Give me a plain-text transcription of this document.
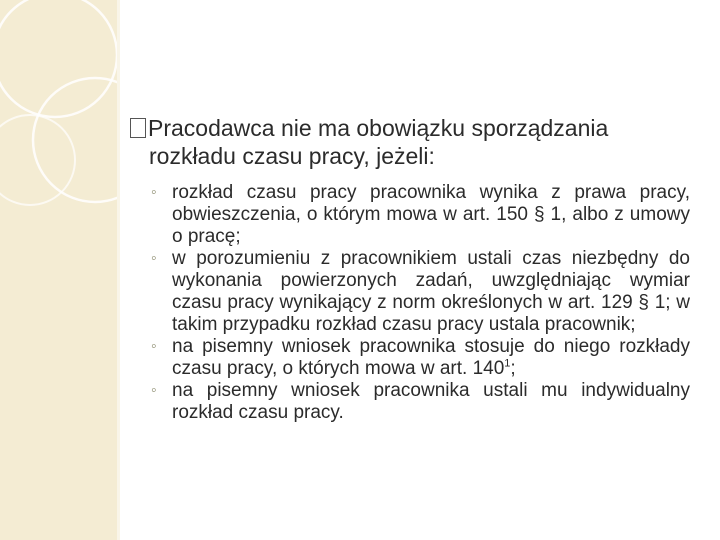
Pracodawca nie ma obowiązku sporządzania
rozkładu czasu pracy, jeżeli:

◦ rozkład czasu pracy pracownika wynika z prawa pracy, obwieszczenia, o którym mowa w art. 150 § 1, albo z umowy o pracę;
◦ w porozumieniu z pracownikiem ustali czas niezbędny do wykonania powierzonych zadań, uwzględniając wymiar czasu pracy wynikający z norm określonych w art. 129 § 1; w takim przypadku rozkład czasu pracy ustala pracownik;
◦ na pisemny wniosek pracownika stosuje do niego rozkłady czasu pracy, o których mowa w art. $140^1$;
◦ na pisemny wniosek pracownika ustali mu indywidualny rozkład czasu pracy.
